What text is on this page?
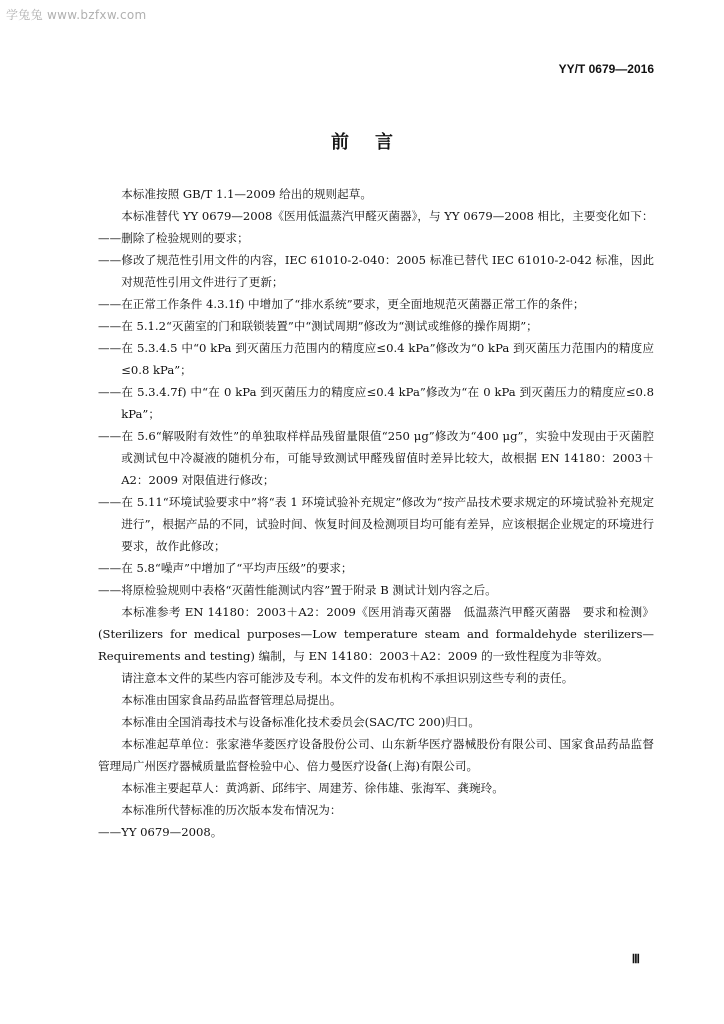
学兔兔 www.bzfxw.com
YY/T 0679—2016
前言

本标准按照 GB/T 1.1—2009 给出的规则起草。

本标准替代 YY 0679—2008《医用低温蒸汽甲醛灭菌器》，与 YY 0679—2008 相比，主要变化如下：

——删除了检验规则的要求；

——修改了规范性引用文件的内容，IEC 61010-2-040：2005 标准已替代 IEC 61010-2-042 标准，因此对规范性引用文件进行了更新；

——在正常工作条件 4.3.1f) 中增加了“排水系统”要求，更全面地规范灭菌器正常工作的条件；

——在 5.1.2“灭菌室的门和联锁装置”中“测试周期”修改为“测试或维修的操作周期”；

——在 5.3.4.5 中“0 kPa 到灭菌压力范围内的精度应≤0.4 kPa”修改为“0 kPa 到灭菌压力范围内的精度应≤0.8 kPa”；

——在 5.3.4.7f) 中“在 0 kPa 到灭菌压力的精度应≤0.4 kPa”修改为“在 0 kPa 到灭菌压力的精度应≤0.8 kPa”；

——在 5.6“解吸附有效性”的单独取样样品残留量限值“250 μg”修改为“400 μg”，实验中发现由于灭菌腔或测试包中冷凝液的随机分布，可能导致测试甲醛残留值时差异比较大，故根据 EN 14180：2003＋A2：2009 对限值进行修改；

——在 5.11“环境试验要求中”将“表 1 环境试验补充规定”修改为“按产品技术要求规定的环境试验补充规定进行”，根据产品的不同，试验时间、恢复时间及检测项目均可能有差异，应该根据企业规定的环境进行要求，故作此修改；

——在 5.8“噪声”中增加了“平均声压级”的要求；

——将原检验规则中表格“灭菌性能测试内容”置于附录 B 测试计划内容之后。

本标准参考 EN 14180：2003＋A2：2009《医用消毒灭菌器　低温蒸汽甲醛灭菌器　要求和检测》(Sterilizers for medical purposes—Low temperature steam and formaldehyde sterilizers—Requirements and testing) 编制，与 EN 14180：2003＋A2：2009 的一致性程度为非等效。

请注意本文件的某些内容可能涉及专利。本文件的发布机构不承担识别这些专利的责任。

本标准由国家食品药品监督管理总局提出。

本标准由全国消毒技术与设备标准化技术委员会(SAC/TC 200)归口。

本标准起草单位：张家港华菱医疗设备股份公司、山东新华医疗器械股份有限公司、国家食品药品监督管理局广州医疗器械质量监督检验中心、倍力曼医疗设备(上海)有限公司。

本标准主要起草人：黄鸿新、邱纬宇、周建芳、徐伟雄、张海军、龚琬玲。

本标准所代替标准的历次版本发布情况为：

——YY 0679—2008。

Ⅲ
